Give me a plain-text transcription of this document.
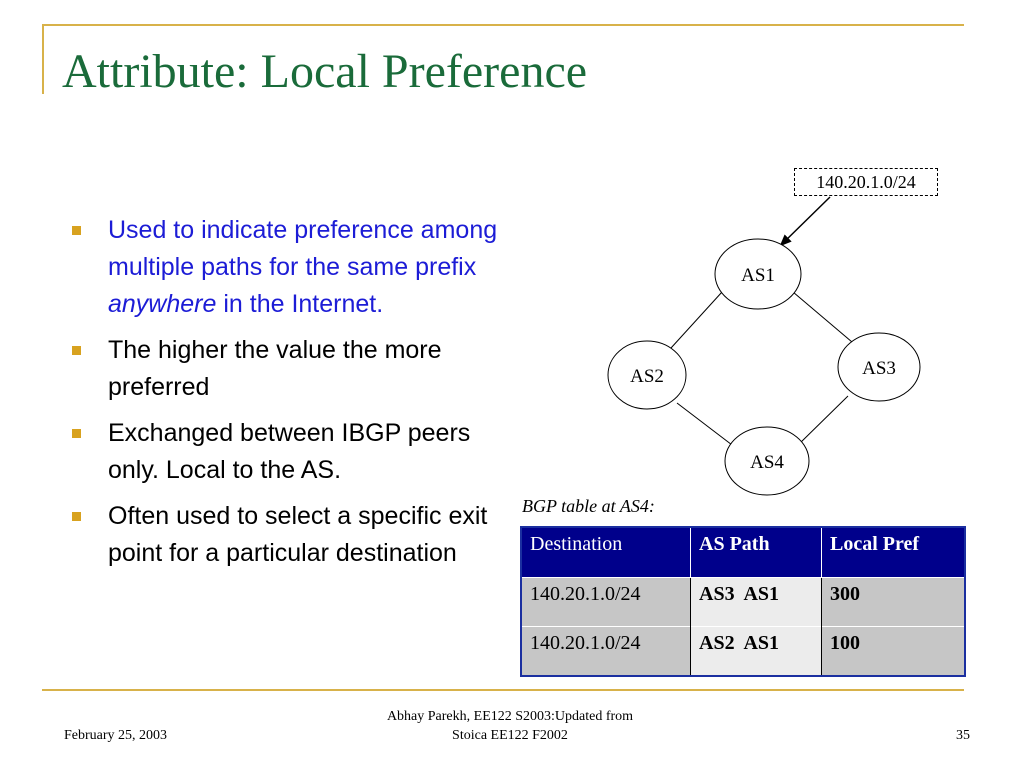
Attribute: Local Preference
Used to indicate preference among multiple paths for the same prefix anywhere in the Internet.
The higher the value the more preferred
Exchanged between IBGP peers only. Local to the AS.
Often used to select a specific exit point for a particular destination
140.20.1.0/24
AS1
AS2	AS3
AS4
BGP table at AS4:
Destination	AS Path	Local Pref
140.20.1.0/24	AS3  AS1	300
140.20.1.0/24	AS2  AS1	100
February 25, 2003
Abhay Parekh, EE122 S2003:Updated from
Stoica EE122 F2002	35
